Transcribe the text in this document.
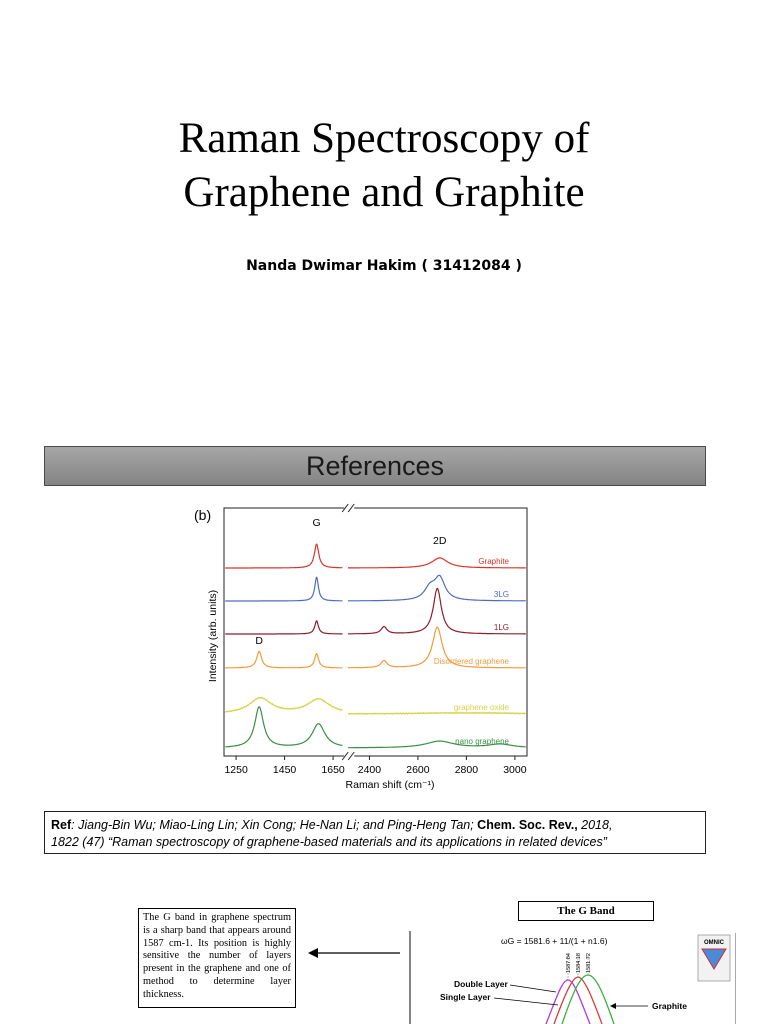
Raman Spectroscopy of
Graphene and Graphite
Nanda Dwimar Hakim ( 31412084 )
References
(b)
Graphite
3LG
1LG
Disordered graphene
graphene oxide
nano graphene
G
2D
D
1250 1450 1650 2400 2600 2800 3000
Raman shift (cm⁻¹)
Intensity (arb. units)
Ref: Jiang-Bin Wu; Miao-Ling Lin; Xin Cong; He-Nan Li; and Ping-Heng Tan; Chem. Soc. Rev., 2018,
1822 (47) “Raman spectroscopy of graphene-based materials and its applications in related devices”
The G band in graphene spectrum is a sharp band that appears around 1587 cm-1. Its position is highly sensitive the number of layers present in the graphene and one of method to determine layer thickness.
The G Band
ωG = 1581.6 + 11/(1 + n1.6)	OMNIC
1587.84 1584.18 1581.72
Double Layer
Single Layer
Graphite
